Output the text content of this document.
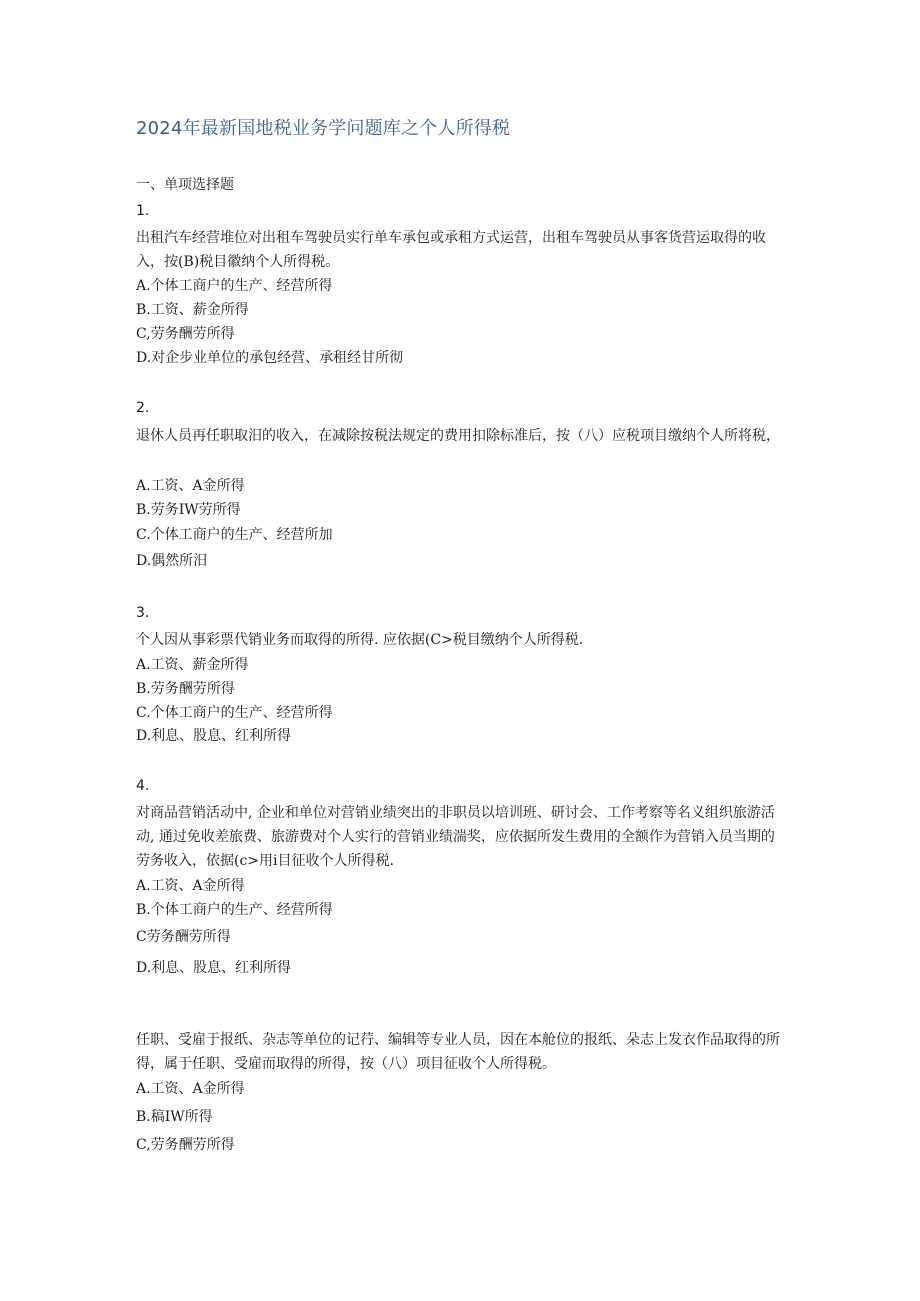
2024年最新国地税业务学问题库之个人所得税
一、单项选择题
1.
出租汽车经营堆位对出租车驾驶员实行单车承包或承租方式运营，出租车驾驶员从事客货营运取得的收入，按(B)税目徽纳个人所得税。
A.个体工商户的生产、经营所得
B.工资、薪金所得
C,劳务酬劳所得
D.对企步业单位的承包经营、承租经甘所彻
2.
退休人员再任职取汨的收入，在减除按税法规定的费用扣除标准后，按（八）应税项目缴纳个人所将税，
A.工资、A金所得
B.劳务IW劳所得
C.个体工商户的生产、经营所加
D.偶然所汨
3.
个人因从事彩票代销业务而取得的所得. 应依据(C>税目缴纳个人所得税.
A.工资、薪金所得
B.劳务酬劳所得
C.个体工商户的生产、经营所得
D.利息、股息、红利所得
4.
对商品营销活动中, 企业和单位对营销业绩突出的非职员以培训班、研讨会、工作考察等名义组织旅游活动, 通过免收差旅费、旅游费对个人实行的营销业绩湍奖，应依据所发生费用的全额作为营销入员当期的劳务收入，依据(c>用i目征收个人所得税.
A.工资、A金所得
B.个体工商户的生产、经营所得
C劳务酬劳所得
D.利息、股息、红利所得
任职、受雇于报纸、杂志等单位的记荇、编辑等专业人员，因在本舱位的报纸、朵志上发衣作品取得的所得，属于任职、受雇而取得的所得，按（八）项目征收个人所得税。
A.工资、A金所得
B.稿IW所得
C,劳务酬劳所得
